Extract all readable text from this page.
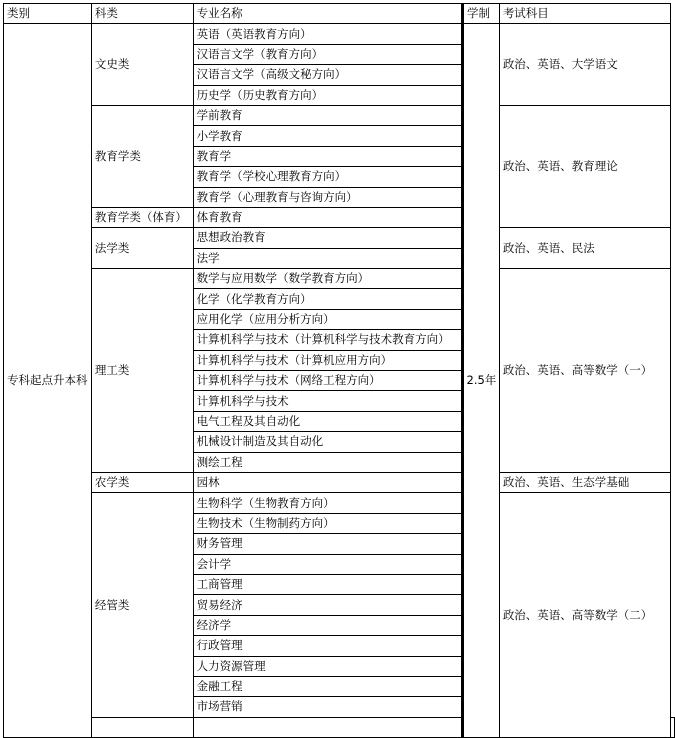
类别	科类	专业名称	学制	考试科目	
专科起点升本科	文史类	英语（英语教育方向）	2.5年	政治、英语、大学语文	
		汉语言文学（教育方向）			
		汉语言文学（高级文秘方向）			
		历史学（历史教育方向）			
	教育学类	学前教育		政治、英语、教育理论	
		小学教育			
		教育学			
		教育学（学校心理教育方向）			
		教育学（心理教育与咨询方向）			
	教育学类（体育）	体育教育			
	法学类	思想政治教育		政治、英语、民法	
		法学			
	理工类	数学与应用数学（数学教育方向）		政治、英语、高等数学（一）	
		化学（化学教育方向）			
		应用化学（应用分析方向）			
		计算机科学与技术（计算机科学与技术教育方向）			
		计算机科学与技术（计算机应用方向）			
		计算机科学与技术（网络工程方向）			
		计算机科学与技术			
		电气工程及其自动化			
		机械设计制造及其自动化			
		测绘工程			
	农学类	园林		政治、英语、生态学基础	
	经管类	生物科学（生物教育方向）		政治、英语、高等数学（二）	
		生物技术（生物制药方向）			
		财务管理			
		会计学			
		工商管理			
		贸易经济			
		经济学			
		行政管理			
		人力资源管理			
		金融工程			
		市场营销			
